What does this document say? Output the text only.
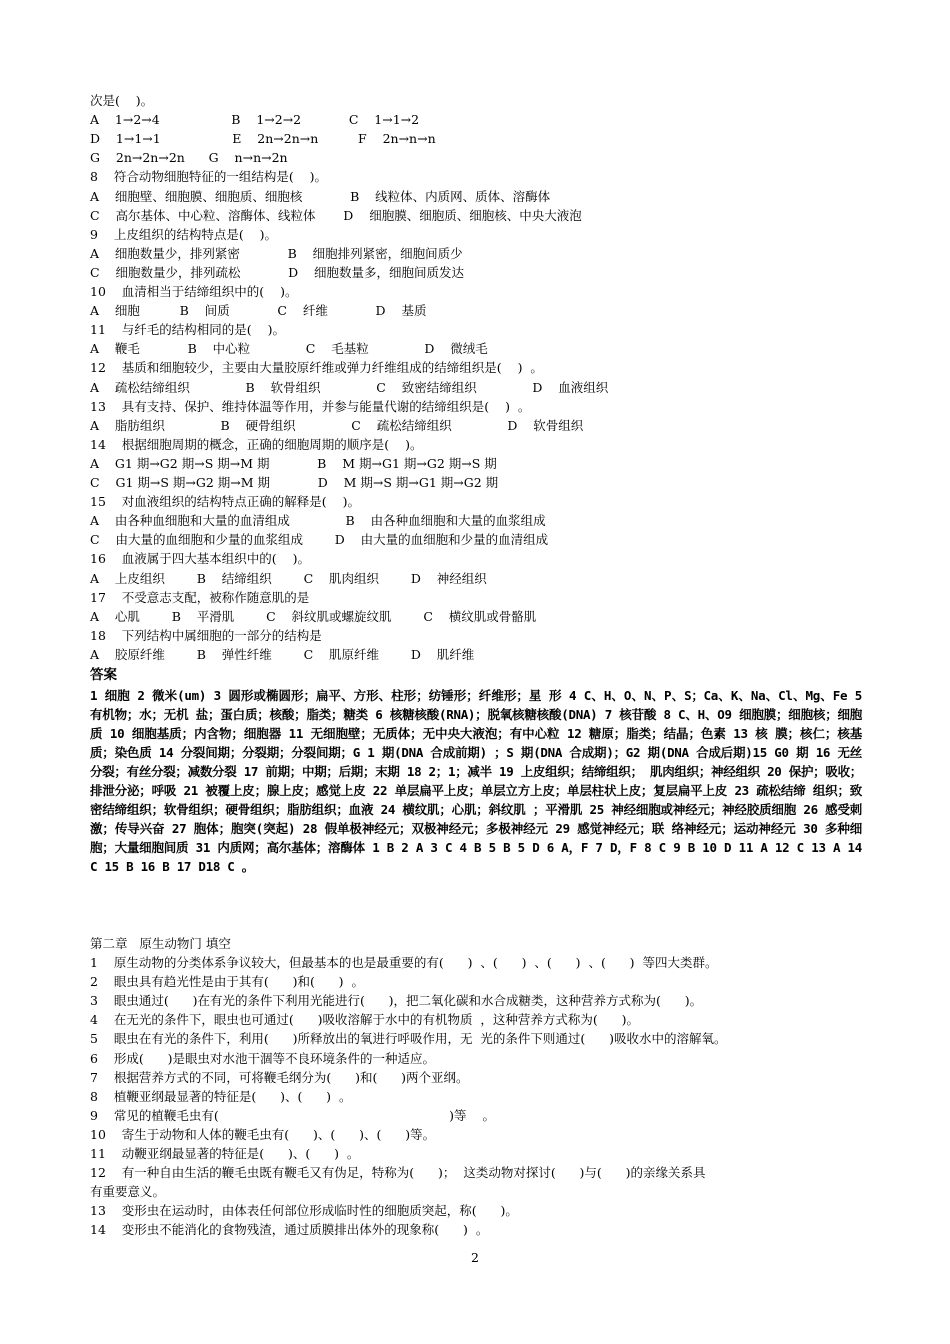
次是(    )。
A    1→2→4                  B    1→2→2            C    1→1→2
D    1→1→1                  E    2n→2n→n          F    2n→n→n
G    2n→2n→2n      G    n→n→2n
8    符合动物细胞特征的一组结构是(    )。
A    细胞壁、细胞膜、细胞质、细胞核            B    线粒体、内质网、质体、溶酶体
C    高尔基体、中心粒、溶酶体、线粒体       D    细胞膜、细胞质、细胞核、中央大液泡
9    上皮组织的结构特点是(    )。
A    细胞数量少，排列紧密            B    细胞排列紧密，细胞间质少
C    细胞数量少，排列疏松            D    细胞数量多，细胞间质发达
10    血清相当于结缔组织中的(    )。
A    细胞          B    间质            C    纤维            D    基质
11    与纤毛的结构相同的是(    )。
A    鞭毛            B    中心粒              C    毛基粒              D    微绒毛
12    基质和细胞较少，主要由大量胶原纤维或弹力纤维组成的结缔组织是(    )  。
A    疏松结缔组织              B    软骨组织              C    致密结缔组织              D    血液组织
13    具有支持、保护、维持体温等作用，并参与能量代谢的结缔组织是(    )  。
A    脂肪组织              B    硬骨组织              C    疏松结缔组织              D    软骨组织
14    根据细胞周期的概念，正确的细胞周期的顺序是(    )。
A    G1 期→G2 期→S 期→M 期            B    M 期→G1 期→G2 期→S 期
C    G1 期→S 期→G2 期→M 期            D    M 期→S 期→G1 期→G2 期
15    对血液组织的结构特点正确的解释是(    )。
A    由各种血细胞和大量的血清组成              B    由各种血细胞和大量的血浆组成
C    由大量的血细胞和少量的血浆组成        D    由大量的血细胞和少量的血清组成
16    血液属于四大基本组织中的(    )。
A    上皮组织        B    结缔组织        C    肌肉组织        D    神经组织
17    不受意志支配，被称作随意肌的是
A    心肌        B    平滑肌        C    斜纹肌或螺旋纹肌        C    横纹肌或骨骼肌
18    下列结构中属细胞的一部分的结构是
A    胶原纤维        B    弹性纤维        C    肌原纤维        D    肌纤维
答案
1 细胞 2 微米(um) 3 圆形或椭圆形；扁平、方形、柱形；纺锤形；纤维形；星 形 4 C、H、O、N、P、S；Ca、K、Na、Cl、Mg、Fe 5 有机物；水；无机 盐；蛋白质；核酸；脂类；糖类 6 核糖核酸(RNA)；脱氧核糖核酸(DNA) 7 核苷酸 8 C、H、O9 细胞膜；细胞核；细胞质 10 细胞基质；内含物；细胞器 11 无细胞壁；无质体；无中央大液泡；有中心粒 12 糖原；脂类；结晶；色素 13 核 膜；核仁；核基质；染色质 14 分裂间期；分裂期；分裂间期；G 1 期(DNA 合成前期) ；S 期(DNA 合成期)；G2 期(DNA 合成后期)15 G0 期 16 无丝分裂；有丝分裂；减数分裂 17 前期；中期；后期；末期 18 2；1；减半 19 上皮组织；结缔组织； 肌肉组织；神经组织 20 保护；吸收；排泄分泌；呼吸 21 被覆上皮；腺上皮；感觉上皮 22 单层扁平上皮；单层立方上皮；单层柱状上皮；复层扁平上皮 23 疏松结缔 组织；致密结缔组织；软骨组织；硬骨组织；脂肪组织；血液 24 横纹肌；心肌；斜纹肌 ；平滑肌 25 神经细胞或神经元；神经胶质细胞 26 感受刺激；传导兴奋 27 胞体；胞突(突起) 28 假单极神经元；双极神经元；多极神经元 29 感觉神经元；联 络神经元；运动神经元 30 多种细胞；大量细胞间质 31 内质网；高尔基体；溶酶体 1 B 2 A 3 C 4 B 5 B 5 D 6 A，F 7 D，F 8 C 9 B 10 D 11 A 12 C 13 A 14 C 15 B 16 B 17 D18 C 。
第二章   原生动物门 填空
1    原生动物的分类体系争议较大，但最基本的也是最重要的有(      )  、(      )  、(      )  、(      )  等四大类群。
2    眼虫具有趋光性是由于其有(      )和(      )  。
3    眼虫通过(      )在有光的条件下利用光能进行(      )，把二氧化碳和水合成糖类，这种营养方式称为(      )。
4    在无光的条件下，眼虫也可通过(      )吸收溶解于水中的有机物质  ，这种营养方式称为(      )。
5    眼虫在有光的条件下，利用(      )所释放出的氧进行呼吸作用，无  光的条件下则通过(      )吸收水中的溶解氧。
6    形成(      )是眼虫对水池干涸等不良环境条件的一种适应。
7    根据营养方式的不同，可将鞭毛纲分为(      )和(      )两个亚纲。
8    植鞭亚纲最显著的特征是(      )、(      )  。
9    常见的植鞭毛虫有(                                                          )等    。
10    寄生于动物和人体的鞭毛虫有(      )、(      )、(      )等。
11    动鞭亚纲最显著的特征是(      )、(      )  。
12    有一种自由生活的鞭毛虫既有鞭毛又有伪足，特称为(      )；  这类动物对探讨(      )与(      )的亲缘关系具
有重要意义。
13    变形虫在运动时，由体表任何部位形成临时性的细胞质突起，称(      )。
14    变形虫不能消化的食物残渣，通过质膜排出体外的现象称(      )  。
2
